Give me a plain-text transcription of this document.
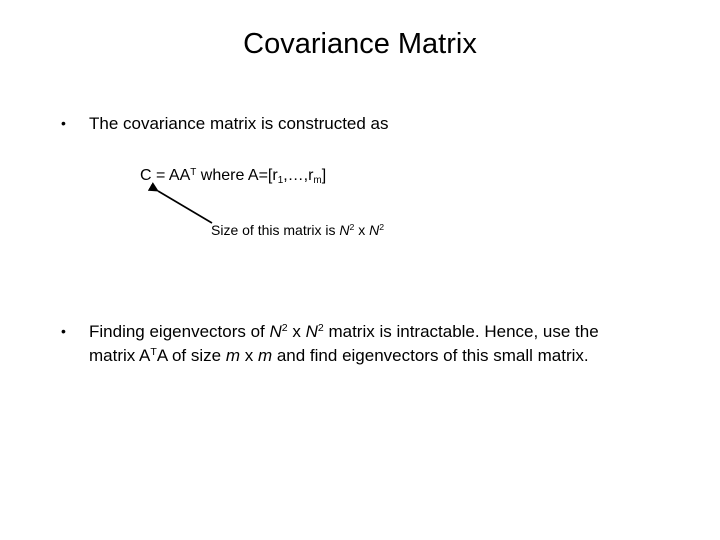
Covariance Matrix
• The covariance matrix is constructed as
$C = AA^T$ where $A=[r_1,\dots,r_m]$
Size of this matrix is $N^2$ x $N^2$
• Finding eigenvectors of $N^2$ x $N^2$ matrix is intractable. Hence, use the
matrix $A^TA$ of size m x m and find eigenvectors of this small matrix.
